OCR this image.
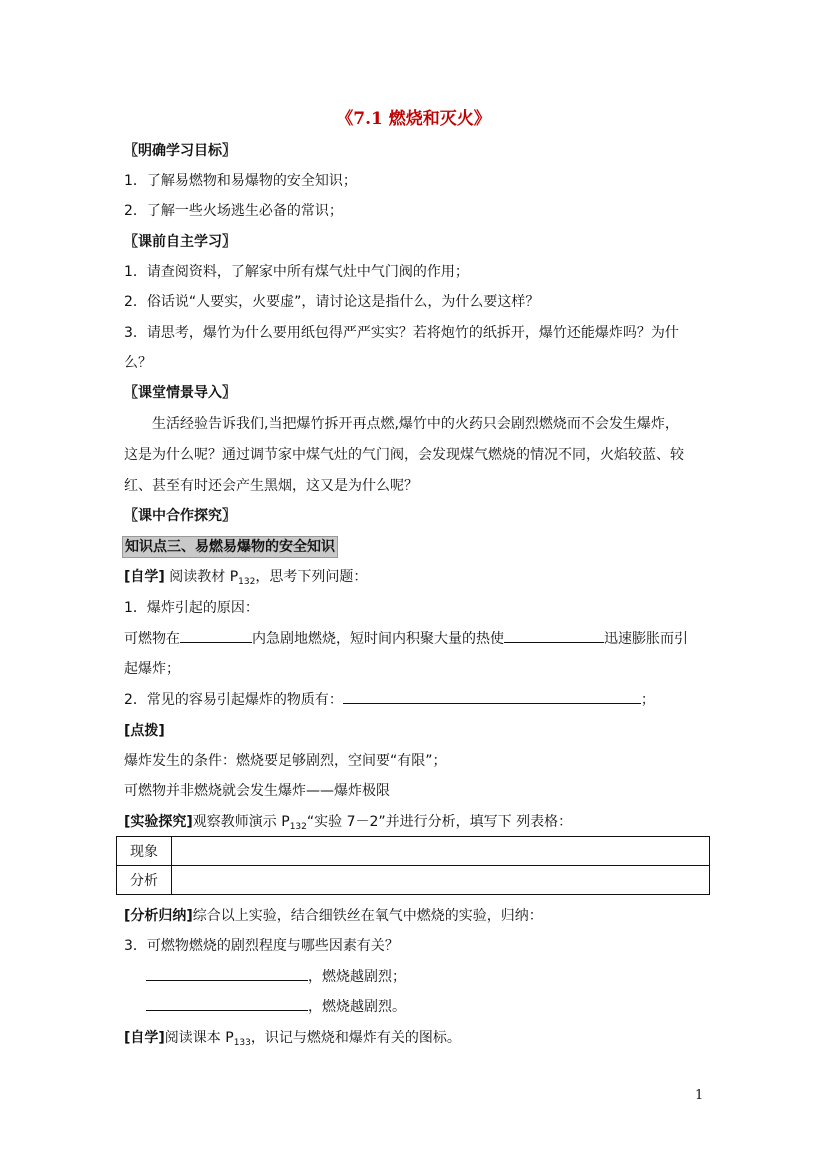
《7.1 燃烧和灭火》
〖明确学习目标〗
1．了解易燃物和易爆物的安全知识；
2．了解一些火场逃生必备的常识；
〖课前自主学习〗
1．请查阅资料，了解家中所有煤气灶中气门阀的作用；
2．俗话说“人要实，火要虚”，请讨论这是指什么，为什么要这样？
3．请思考，爆竹为什么要用纸包得严严实实？若将炮竹的纸拆开，爆竹还能爆炸吗？为什
么？
〖课堂情景导入〗
生活经验告诉我们,当把爆竹拆开再点燃,爆竹中的火药只会剧烈燃烧而不会发生爆炸，
这是为什么呢？通过调节家中煤气灶的气门阀，会发现煤气燃烧的情况不同，火焰较蓝、较
红、甚至有时还会产生黑烟，这又是为什么呢？
〖课中合作探究〗
知识点三、易燃易爆物的安全知识
[自学] 阅读教材 $P_{132}$，思考下列问题：
1．爆炸引起的原因：
可燃物在	内急剧地燃烧，短时间内积聚大量的热使	迅速膨胀而引
起爆炸；
2．常见的容易引起爆炸的物质有：	；
[点拨]
爆炸发生的条件：燃烧要足够剧烈，空间要“有限”；
可燃物并非燃烧就会发生爆炸——爆炸极限
[实验探究]观察教师演示 $P_{132}“$实验 7－2”并进行分析，填写下 列表格：
现象	
分析	
[分析归纳]综合以上实验，结合细铁丝在氧气中燃烧的实验，归纳：
3．可燃物燃烧的剧烈程度与哪些因素有关？
，燃烧越剧烈；
，燃烧越剧烈。
[自学]阅读课本 $P_{133}$，识记与燃烧和爆炸有关的图标。
1
